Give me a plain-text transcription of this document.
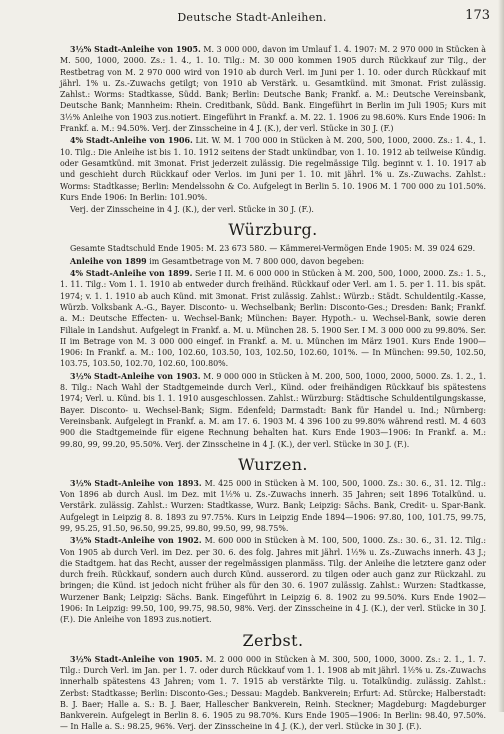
Deutsche Stadt-Anleihen.	173

3½% Stadt-Anleihe von 1905. M. 3 000 000, davon im Umlauf 1. 4. 1907: M. 2 970 000 in Stücken à M. 500, 1000, 2000. Zs.: 1. 4., 1. 10. Tilg.: M. 30 000 kommen 1905 durch Rückkauf zur Tilg., der Restbetrag von M. 2 970 000 wird von 1910 ab durch Verl. im Juni per 1. 10. oder durch Rückkauf mit jährl. 1% u. Zs.-Zuwachs getilgt; von 1910 ab Verstärk. u. Gesamtkünd. mit 3monat. Frist zulässig. Zahlst.: Worms: Stadtkasse, Südd. Bank; Berlin: Deutsche Bank; Frankf. a. M.: Deutsche Vereinsbank, Deutsche Bank; Mannheim: Rhein. Creditbank, Südd. Bank. Eingeführt in Berlin im Juli 1905; Kurs mit 3½% Anleihe von 1903 zus.notiert. Eingeführt in Frankf. a. M. 22. 1. 1906 zu 98.60%. Kurs Ende 1906: In Frankf. a. M.: 94.50%. Verj. der Zinsscheine in 4 J. (K.), der verl. Stücke in 30 J. (F.)

4% Stadt-Anleihe von 1906. Lit. W. M. 1 700 000 in Stücken à M. 200, 500, 1000, 2000. Zs.: 1. 4., 1. 10. Tilg.: Die Anleihe ist bis 1. 10. 1912 seitens der Stadt unkündbar, von 1. 10. 1912 ab teilweise Kündig. oder Gesamtkünd. mit 3monat. Frist jederzeit zulässig. Die regelmässige Tilg. beginnt v. 1. 10. 1917 ab und geschieht durch Rückkauf oder Verlos. im Juni per 1. 10. mit jährl. 1% u. Zs.-Zuwachs. Zahlst.: Worms: Stadtkasse; Berlin: Mendelssohn & Co. Aufgelegt in Berlin 5. 10. 1906 M. 1 700 000 zu 101.50%. Kurs Ende 1906: In Berlin: 101.90%.

Verj. der Zinsscheine in 4 J. (K.), der verl. Stücke in 30 J. (F.).

Würzburg.

Gesamte Stadtschuld Ende 1905: M. 23 673 580. — Kämmerei-Vermögen Ende 1905: M. 39 024 629.

Anleihe von 1899 im Gesamtbetrage von M. 7 800 000, davon begeben:

4% Stadt-Anleihe von 1899. Serie I II. M. 6 000 000 in Stücken à M. 200, 500, 1000, 2000. Zs.: 1. 5., 1. 11. Tilg.: Vom 1. 1. 1910 ab entweder durch freihänd. Rückkauf oder Verl. am 1. 5. per 1. 11. bis spät. 1974; v. 1. 1. 1910 ab auch Künd. mit 3monat. Frist zulässig. Zahlst.: Würzb.: Städt. Schuldentilg.-Kasse, Würzb. Volksbank A.-G., Bayer. Disconto- u. Wechselbank; Berlin: Disconto-Ges.; Dresden: Bank; Frankf. a. M.: Deutsche Effecten- u. Wechsel-Bank; München: Bayer. Hypoth.- u. Wechsel-Bank, sowie deren Filiale in Landshut. Aufgelegt in Frankf. a. M. u. München 28. 5. 1900 Ser. I M. 3 000 000 zu 99.80%. Ser. II im Betrage von M. 3 000 000 eingef. in Frankf. a. M. u. München im März 1901. Kurs Ende 1900—1906: In Frankf. a. M.: 100, 102.60, 103.50, 103, 102.50, 102.60, 101%. — In München: 99.50, 102.50, 103.75, 103.50, 102.70, 102.60, 100.80%.

3½% Stadt-Anleihe von 1903. M. 9 000 000 in Stücken à M. 200, 500, 1000, 2000, 5000. Zs. 1. 2., 1. 8. Tilg.: Nach Wahl der Stadtgemeinde durch Verl., Künd. oder freihändigen Rückkauf bis spätestens 1974; Verl. u. Künd. bis 1. 1. 1910 ausgeschlossen. Zahlst.: Würzburg: Städtische Schuldentilgungskasse, Bayer. Disconto- u. Wechsel-Bank; Sigm. Edenfeld; Darmstadt: Bank für Handel u. Ind.; Nürnberg: Vereinsbank. Aufgelegt in Frankf. a. M. am 17. 6. 1903 M. 4 396 100 zu 99.80% während restl. M. 4 603 900 die Stadtgemeinde für eigene Rechnung behalten hat. Kurs Ende 1903—1906: In Frankf. a. M.: 99.80, 99, 99.20, 95.50%. Verj. der Zinsscheine in 4 J. (K.), der verl. Stücke in 30 J. (F.).

Wurzen.

3½% Stadt-Anleihe von 1893. M. 425 000 in Stücken à M. 100, 500, 1000. Zs.: 30. 6., 31. 12. Tilg.: Von 1896 ab durch Ausl. im Dez. mit 1½% u. Zs.-Zuwachs innerh. 35 Jahren; seit 1896 Totalkünd. u. Verstärk. zulässig. Zahlst.: Wurzen: Stadtkasse, Wurz. Bank; Leipzig: Sächs. Bank, Credit- u. Spar-Bank. Aufgelegt in Leipzig 8. 8. 1893 zu 97.75%. Kurs in Leipzig Ende 1894—1906: 97.80, 100, 101.75, 99.75, 99, 95.25, 91.50, 96.50, 99.25, 99.80, 99.50, 99, 98.75%.

3½% Stadt-Anleihe von 1902. M. 600 000 in Stücken à M. 100, 500, 1000. Zs.: 30. 6., 31. 12. Tilg.: Von 1905 ab durch Verl. im Dez. per 30. 6. des folg. Jahres mit jährl. 1½% u. Zs.-Zuwachs innerh. 43 J.; die Stadtgem. hat das Recht, ausser der regelmässigen planmäss. Tilg. der Anleihe die letztere ganz oder durch freih. Rückkauf, sondern auch durch Künd. ausserord. zu tilgen oder auch ganz zur Rückzahl. zu bringen; die Künd. ist jedoch nicht früher als für den 30. 6. 1907 zulässig. Zahlst.: Wurzen: Stadtkasse, Wurzener Bank; Leipzig: Sächs. Bank. Eingeführt in Leipzig 6. 8. 1902 zu 99.50%. Kurs Ende 1902—1906: In Leipzig: 99.50, 100, 99.75, 98.50, 98%. Verj. der Zinsscheine in 4 J. (K.), der verl. Stücke in 30 J. (F.). Die Anleihe von 1893 zus.notiert.

Zerbst.

3½% Stadt-Anleihe von 1905. M. 2 000 000 in Stücken à M. 300, 500, 1000, 3000. Zs.: 2. 1., 1. 7. Tilg.: Durch Verl. im Jan. per 1. 7. oder durch Rückkauf vom 1. 1. 1908 ab mit jährl. 1½% u. Zs.-Zuwachs innerhalb spätestens 43 Jahren; vom 1. 7. 1915 ab verstärkte Tilg. u. Totalkündig. zulässig. Zahlst.: Zerbst: Stadtkasse; Berlin: Disconto-Ges.; Dessau: Magdeb. Bankverein; Erfurt: Ad. Stürcke; Halberstadt: B. J. Baer; Halle a. S.: B. J. Baer, Hallescher Bankverein, Reinh. Steckner; Magdeburg: Magdeburger Bankverein. Aufgelegt in Berlin 8. 6. 1905 zu 98.70%. Kurs Ende 1905—1906: In Berlin: 98.40, 97.50%. — In Halle a. S.: 98.25, 96%. Verj. der Zinsscheine in 4 J. (K.), der verl. Stücke in 30 J. (F.).
